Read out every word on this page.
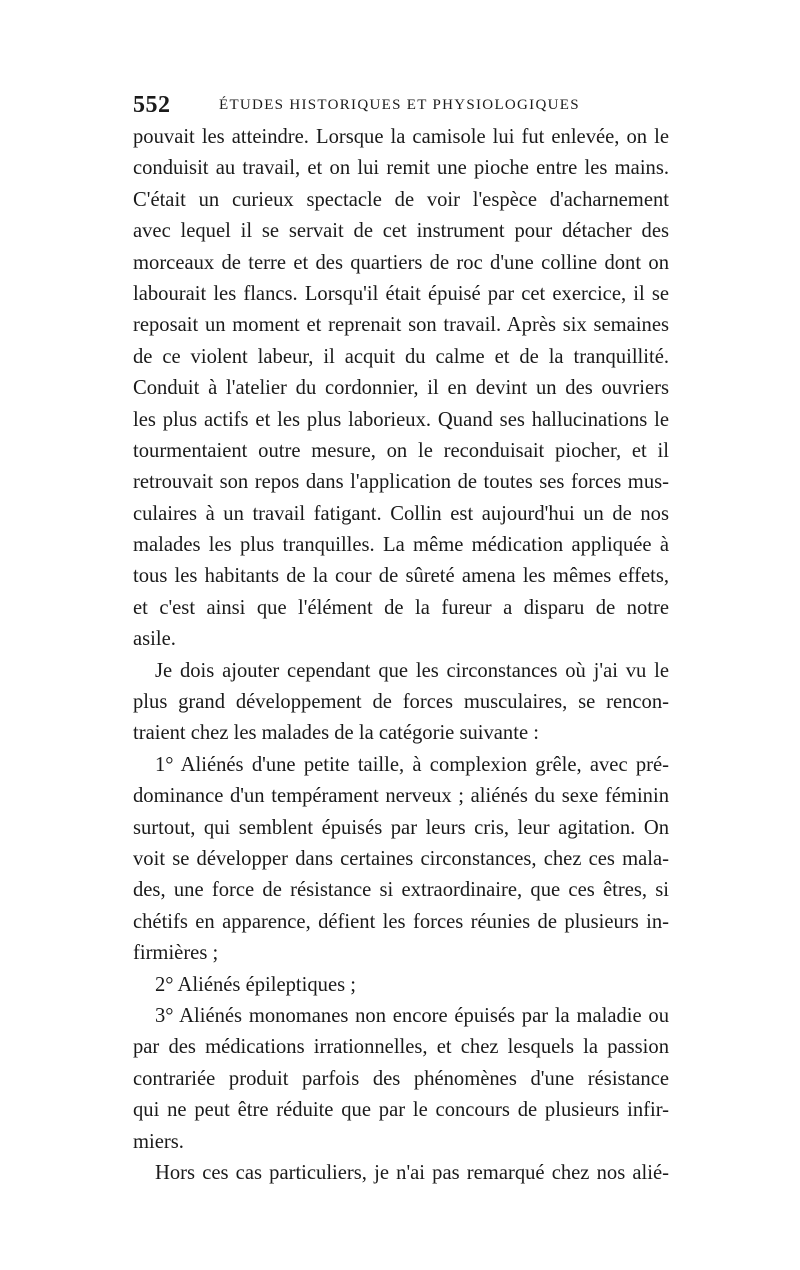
552	ÉTUDES HISTORIQUES ET PHYSIOLOGIQUES
pouvait les atteindre. Lorsque la camisole lui fut enlevée, on le
conduisit au travail, et on lui remit une pioche entre les mains.
C'était un curieux spectacle de voir l'espèce d'acharnement
avec lequel il se servait de cet instrument pour détacher des
morceaux de terre et des quartiers de roc d'une colline dont on
labourait les flancs. Lorsqu'il était épuisé par cet exercice, il se
reposait un moment et reprenait son travail. Après six semaines
de ce violent labeur, il acquit du calme et de la tranquillité.
Conduit à l'atelier du cordonnier, il en devint un des ouvriers
les plus actifs et les plus laborieux. Quand ses hallucinations le
tourmentaient outre mesure, on le reconduisait piocher, et il
retrouvait son repos dans l'application de toutes ses forces mus-
culaires à un travail fatigant. Collin est aujourd'hui un de nos
malades les plus tranquilles. La même médication appliquée à
tous les habitants de la cour de sûreté amena les mêmes effets,
et c'est ainsi que l'élément de la fureur a disparu de notre
asile.
Je dois ajouter cependant que les circonstances où j'ai vu le
plus grand développement de forces musculaires, se rencon-
traient chez les malades de la catégorie suivante :
1° Aliénés d'une petite taille, à complexion grêle, avec pré-
dominance d'un tempérament nerveux ; aliénés du sexe féminin
surtout, qui semblent épuisés par leurs cris, leur agitation. On
voit se développer dans certaines circonstances, chez ces mala-
des, une force de résistance si extraordinaire, que ces êtres, si
chétifs en apparence, défient les forces réunies de plusieurs in-
firmières ;
2° Aliénés épileptiques ;
3° Aliénés monomanes non encore épuisés par la maladie ou
par des médications irrationnelles, et chez lesquels la passion
contrariée produit parfois des phénomènes d'une résistance
qui ne peut être réduite que par le concours de plusieurs infir-
miers.
Hors ces cas particuliers, je n'ai pas remarqué chez nos alié-
